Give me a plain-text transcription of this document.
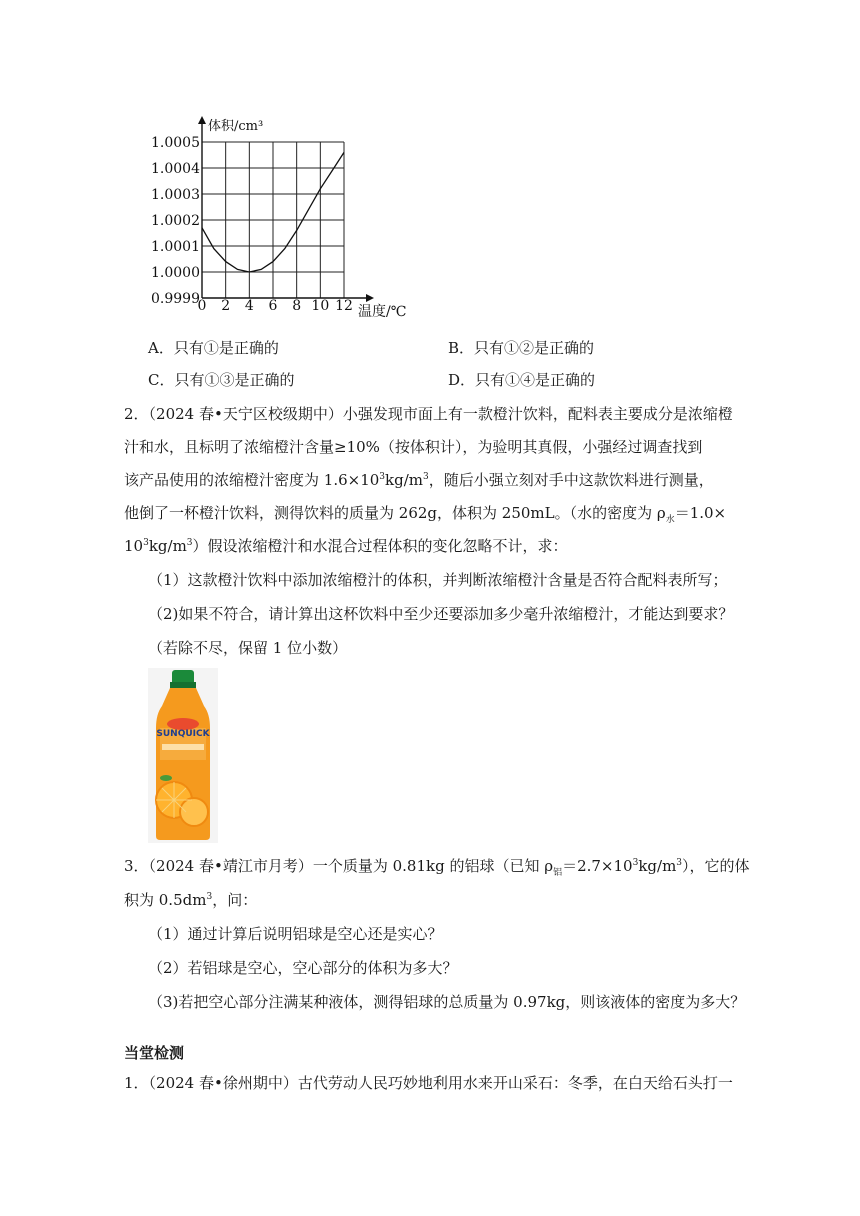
0 2 4 6 8 10 12
0.9999
1.0000
1.0001
1.0002
1.0003
1.0004
1.0005
体积/cm³
温度/℃
A．只有①是正确的	B．只有①②是正确的
C．只有①③是正确的	D．只有①④是正确的
2．（2024 春•天宁区校级期中）小强发现市面上有一款橙汁饮料，配料表主要成分是浓缩橙
汁和水，且标明了浓缩橙汁含量≥10%（按体积计），为验明其真假，小强经过调查找到
该产品使用的浓缩橙汁密度为 $1.6\times 10^3kg/m^3$，随后小强立刻对手中这款饮料进行测量，
他倒了一杯橙汁饮料，测得饮料的质量为 262g，体积为 250mL。（水的密度为 $\rho_水=1.0\times$
$10^3kg/m^3$）假设浓缩橙汁和水混合过程体积的变化忽略不计，求：
（1）这款橙汁饮料中添加浓缩橙汁的体积，并判断浓缩橙汁含量是否符合配料表所写；
（2)如果不符合，请计算出这杯饮料中至少还要添加多少毫升浓缩橙汁，才能达到要求？
（若除不尽，保留 1 位小数）
SUNQUICK
3．（2024 春•靖江市月考）一个质量为 0.81kg 的铝球（已知 $\rho_铝=2.7\times 10^3kg/m^3$），它的体
积为 $0.5dm^3$，问：
（1）通过计算后说明铝球是空心还是实心？
（2）若铝球是空心，空心部分的体积为多大？
（3)若把空心部分注满某种液体，测得铝球的总质量为 0.97kg，则该液体的密度为多大？
当堂检测
1．（2024 春•徐州期中）古代劳动人民巧妙地利用水来开山采石：冬季，在白天给石头打一
